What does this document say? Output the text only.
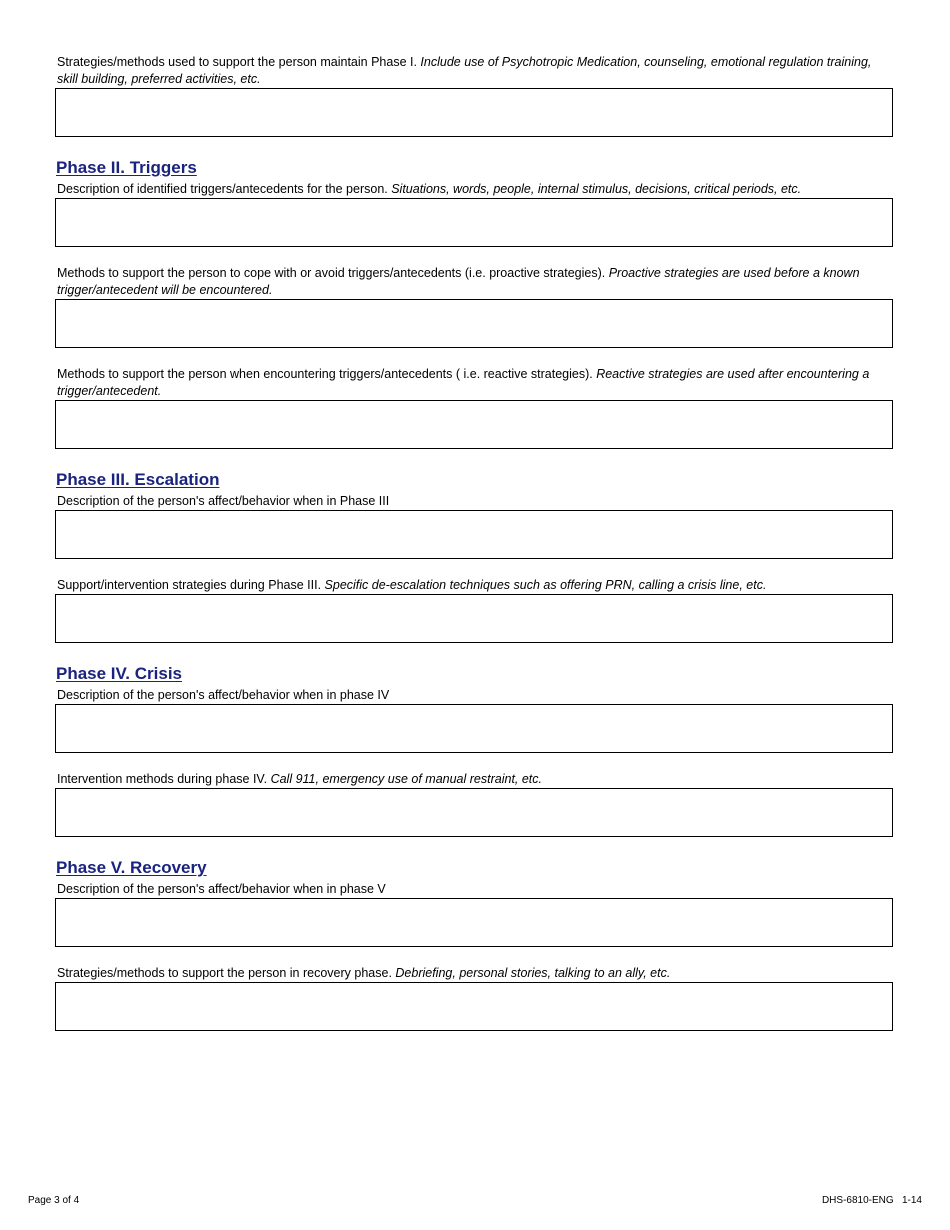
Strategies/methods used to support the person maintain Phase I. Include use of Psychotropic Medication, counseling, emotional regulation training, skill building, preferred activities, etc.
Phase II. Triggers
Description of identified triggers/antecedents for the person. Situations, words, people, internal stimulus, decisions, critical periods, etc.
Methods to support the person to cope with or avoid triggers/antecedents (i.e. proactive strategies). Proactive strategies are used before a known trigger/antecedent will be encountered.
Methods to support the person when encountering triggers/antecedents ( i.e. reactive strategies). Reactive strategies are used after encountering a trigger/antecedent.
Phase III. Escalation
Description of the person's affect/behavior when in Phase III
Support/intervention strategies during Phase III. Specific de-escalation techniques such as offering PRN, calling a crisis line, etc.
Phase IV. Crisis
Description of the person's affect/behavior when in phase IV
Intervention methods during phase IV. Call 911, emergency use of manual restraint, etc.
Phase V. Recovery
Description of the person's affect/behavior when in phase V
Strategies/methods to support the person in recovery phase. Debriefing, personal stories, talking to an ally, etc.
Page 3 of 4	DHS-6810-ENG   1-14
